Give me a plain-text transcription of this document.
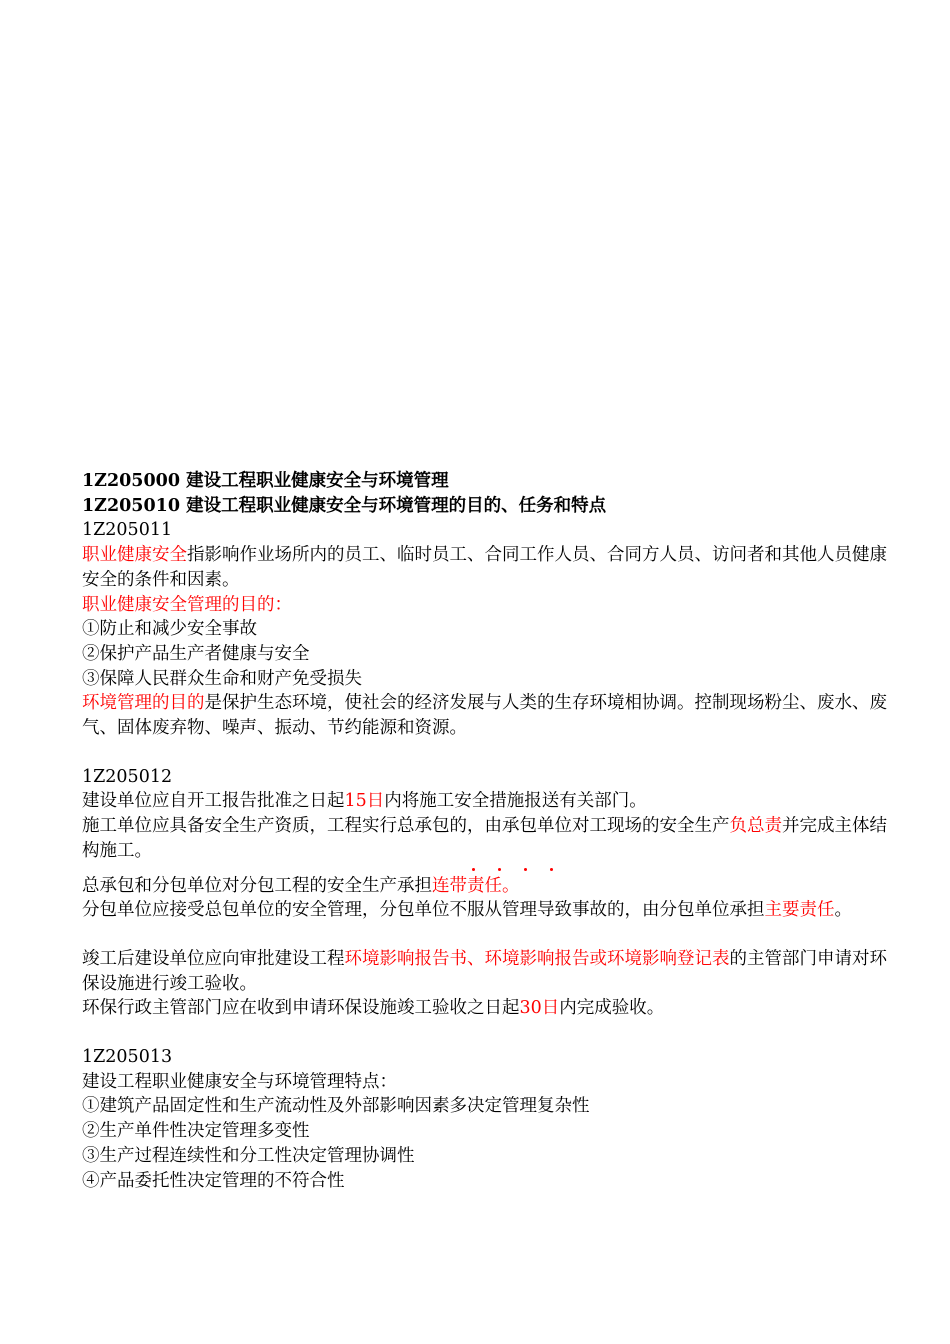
1Z205000 建设工程职业健康安全与环境管理

1Z205010 建设工程职业健康安全与环境管理的目的、任务和特点

1Z205011

职业健康安全指影响作业场所内的员工、临时员工、合同工作人员、合同方人员、访问者和其他人员健康安全的条件和因素。

职业健康安全管理的目的：

①防止和减少安全事故

②保护产品生产者健康与安全

③保障人民群众生命和财产免受损失

环境管理的目的是保护生态环境，使社会的经济发展与人类的生存环境相协调。控制现场粉尘、废水、废气、固体废弃物、噪声、振动、节约能源和资源。

1Z205012

建设单位应自开工报告批准之日起15日内将施工安全措施报送有关部门。

施工单位应具备安全生产资质，工程实行总承包的，由承包单位对工现场的安全生产负总责并完成主体结构施工。

总承包和分包单位对分包工程的安全生产承担连带责任。

分包单位应接受总包单位的安全管理，分包单位不服从管理导致事故的，由分包单位承担主要责任。

竣工后建设单位应向审批建设工程环境影响报告书、环境影响报告或环境影响登记表的主管部门申请对环保设施进行竣工验收。

环保行政主管部门应在收到申请环保设施竣工验收之日起30日内完成验收。

1Z205013

建设工程职业健康安全与环境管理特点：

①建筑产品固定性和生产流动性及外部影响因素多决定管理复杂性

②生产单件性决定管理多变性

③生产过程连续性和分工性决定管理协调性

④产品委托性决定管理的不符合性
